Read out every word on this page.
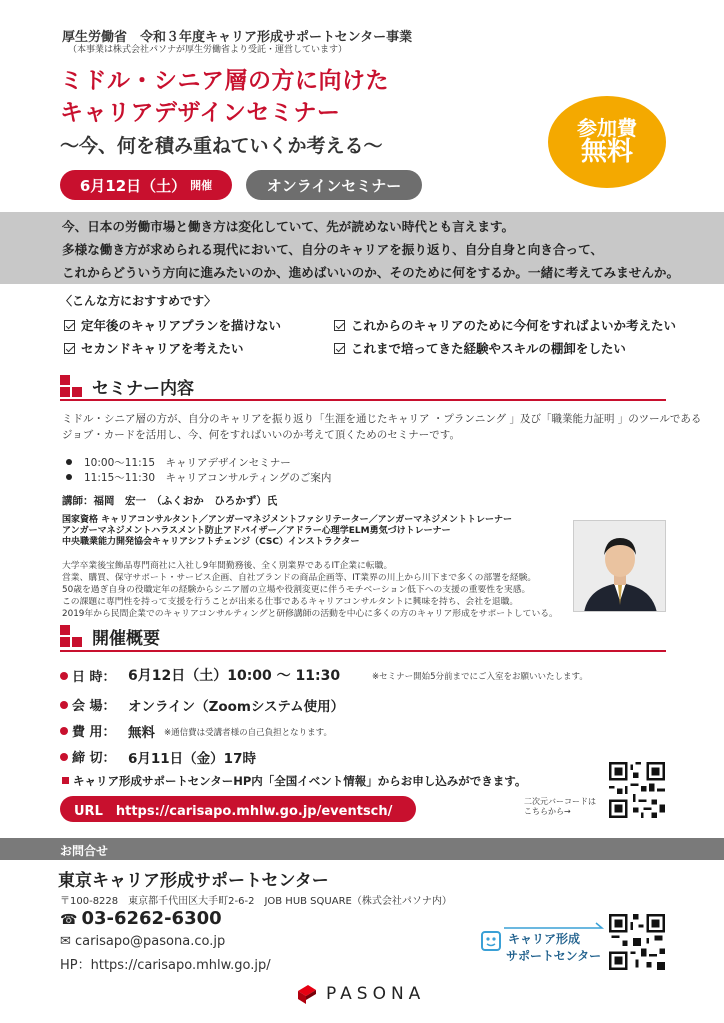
厚生労働省　令和３年度キャリア形成サポートセンター事業
（本事業は株式会社パソナが厚生労働省より受託・運営しています）
ミドル・シニア層の方に向けた
キャリアデザインセミナー
～今、何を積み重ねていくか考える～
6月12日（土） 開催	オンラインセミナー
参加費
無料
今、日本の労働市場と働き方は変化していて、先が読めない時代とも言えます。
多様な働き方が求められる現代において、自分のキャリアを振り返り、自分自身と向き合って、
これからどういう方向に進みたいのか、進めばいいのか、そのために何をするか。一緒に考えてみませんか。
〈こんな方におすすめです〉
定年後のキャリアプランを描けない	これからのキャリアのために今何をすればよいか考えたい
セカンドキャリアを考えたい	これまで培ってきた経験やスキルの棚卸をしたい
セミナー内容
ミドル・シニア層の方が、自分のキャリアを振り返り「生涯を通じたキャリア ・プランニング 」及び「職業能力証明 」のツールである
ジョブ・カードを活用し、今、何をすればいいのか考えて頂くためのセミナーです。
10:00～11:15　キャリアデザインセミナー
11:15～11:30　キャリアコンサルティングのご案内
講師：福岡　宏一　（ふくおか　ひろかず）氏
国家資格 キャリアコンサルタント／アンガーマネジメントファシリテーター／アンガーマネジメントトレーナー
アンガーマネジメントハラスメント防止アドバイザー／アドラー心理学ELM勇気づけトレーナー
中央職業能力開発協会キャリアシフトチェンジ（CSC）インストラクター
大学卒業後宝飾品専門商社に入社し9年間勤務後、全く別業界であるIT企業に転職。
営業、購買、保守サポート・サービス企画、自社ブランドの商品企画等、IT業界の川上から川下まで多くの部署を経験。
50歳を過ぎ自身の役職定年の経験からシニア層の立場や役割変更に伴うモチベーション低下への支援の重要性を実感。
この課題に専門性を持って支援を行うことが出来る仕事であるキャリアコンサルタントに興味を持ち、会社を退職。
2019年から民間企業でのキャリアコンサルティングと研修講師の活動を中心に多くの方のキャリア形成をサポートしている。
開催概要
日 時： 6月12日（土）10:00 ～ 11:30	※セミナー開始5分前までにご入室をお願いいたします。
会 場： オンライン（Zoomシステム使用）
費 用： 無料 ※通信費は受講者様の自己負担となります。
締 切： 6月11日（金）17時
キャリア形成サポートセンターHP内「全国イベント情報」からお申し込みができます。
URL　https://carisapo.mhlw.go.jp/eventsch/
二次元バーコードは
こちらから→
お問合せ
東京キャリア形成サポートセンター
〒100-8228　東京都千代田区大手町2-6-2　JOB HUB SQUARE（株式会社パソナ内）
☎ 03-6262-6300
✉ carisapo@pasona.co.jp
HP：https://carisapo.mhlw.go.jp/
キャリア形成
サポートセンター
PASONA
